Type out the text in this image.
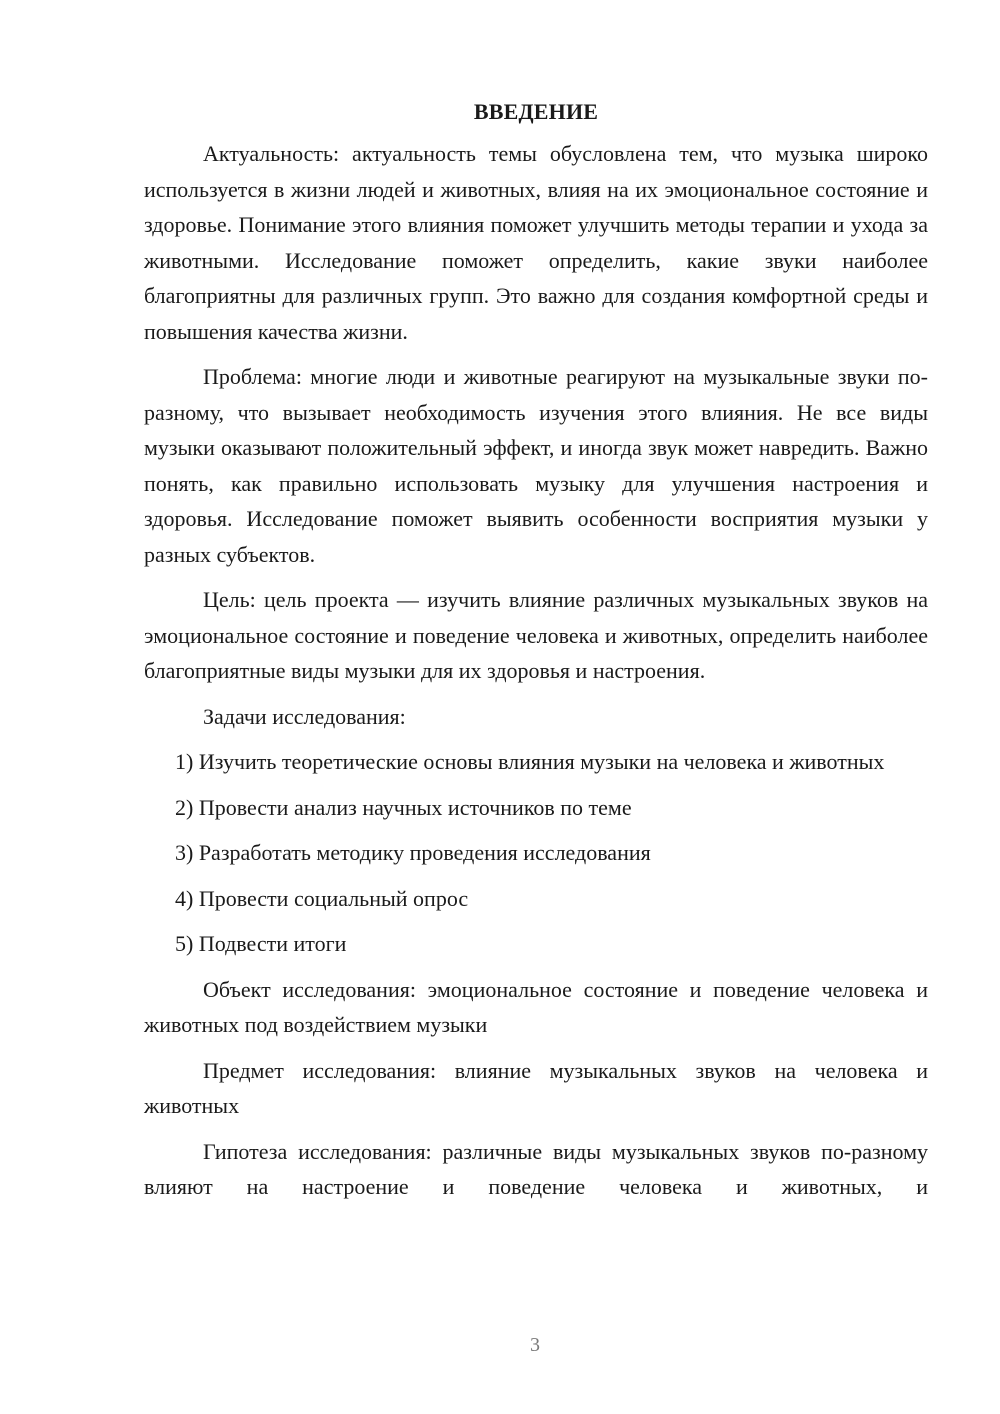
ВВЕДЕНИЕ

Актуальность: актуальность темы обусловлена тем, что музыка широко используется в жизни людей и животных, влияя на их эмоциональное состояние и здоровье. Понимание этого влияния поможет улучшить методы терапии и ухода за животными. Исследование поможет определить, какие звуки наиболее благоприятны для различных групп. Это важно для создания комфортной среды и повышения качества жизни.

Проблема: многие люди и животные реагируют на музыкальные звуки по-разному, что вызывает необходимость изучения этого влияния. Не все виды музыки оказывают положительный эффект, и иногда звук может навредить. Важно понять, как правильно использовать музыку для улучшения настроения и здоровья. Исследование поможет выявить особенности восприятия музыки у разных субъектов.

Цель: цель проекта — изучить влияние различных музыкальных звуков на эмоциональное состояние и поведение человека и животных, определить наиболее благоприятные виды музыки для их здоровья и настроения.

Задачи исследования:

1) Изучить теоретические основы влияния музыки на человека и животных

2) Провести анализ научных источников по теме

3) Разработать методику проведения исследования

4) Провести социальный опрос

5) Подвести итоги

Объект исследования: эмоциональное состояние и поведение человека и животных под воздействием музыки

Предмет исследования: влияние музыкальных звуков на человека и животных

Гипотеза исследования: различные виды музыкальных звуков по-разному влияют на настроение и поведение человека и животных, и

3
